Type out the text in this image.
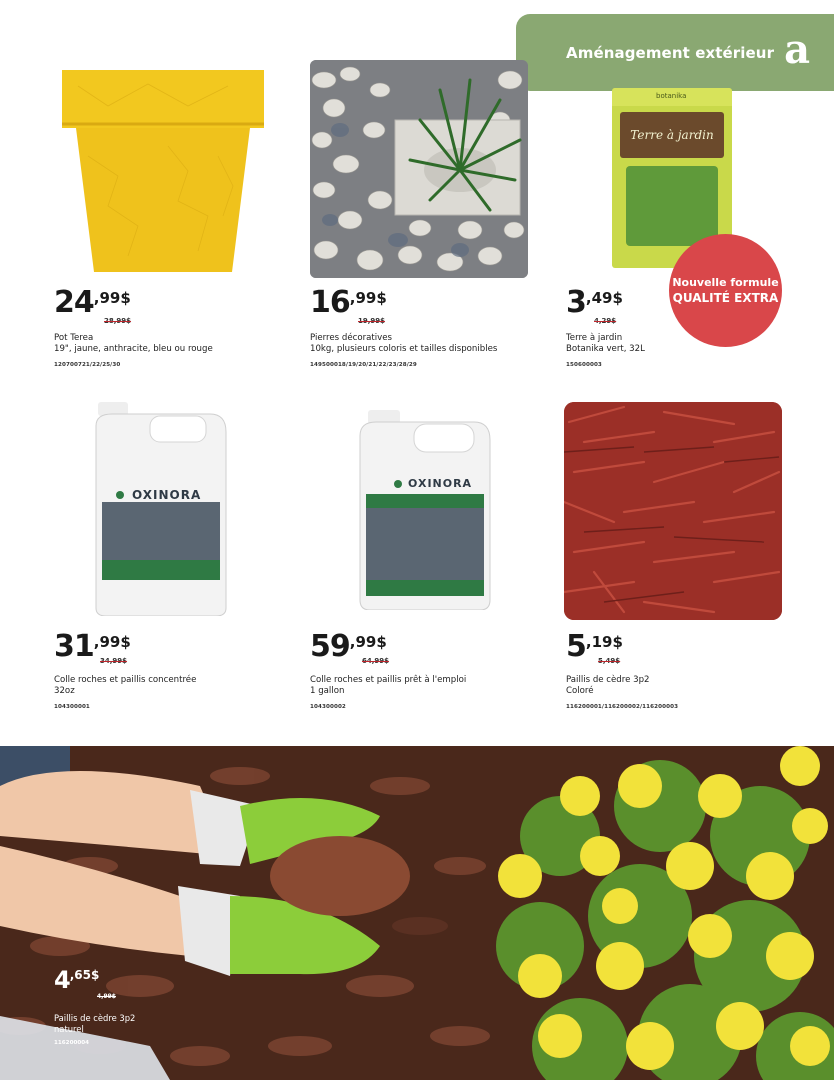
Aménagement extérieur a
botanika
Terre à jardin
Nouvelle formule
QUALITÉ EXTRA
OXINORA
OXINORA
24 ,99$
28,99$
Pot Terea
19", jaune, anthracite, bleu ou rouge
120700721/22/25/30
16 ,99$
19,99$
Pierres décoratives
10kg, plusieurs coloris et tailles disponibles
149500018/19/20/21/22/23/28/29
3 ,49$
4,29$
Terre à jardin
Botanika vert, 32L
150600003
31 ,99$
34,99$
Colle roches et paillis concentrée
32oz
104300001
59 ,99$
64,99$
Colle roches et paillis prêt à l'emploi
1 gallon
104300002
5 ,19$
5,49$
Paillis de cèdre 3p2
Coloré
116200001/116200002/116200003
4 ,65$
4,99$
Paillis de cèdre 3p2
naturel
116200004
